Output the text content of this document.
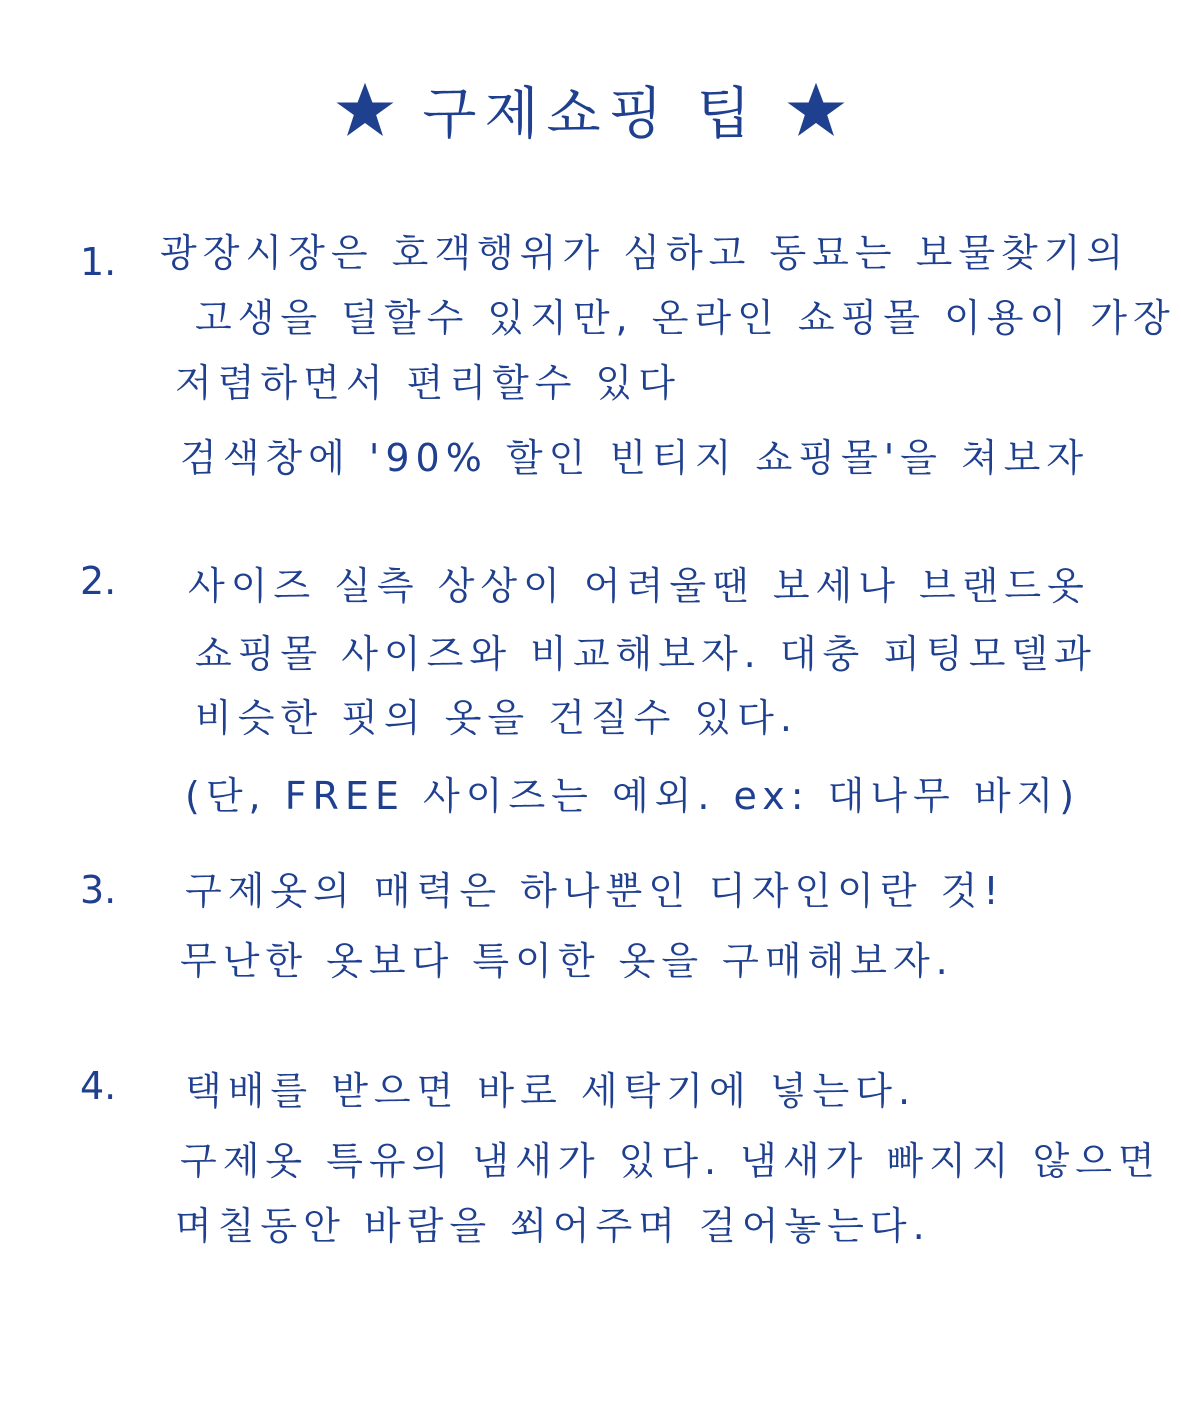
구제쇼핑 팁
1. 광장시장은 호객행위가 심하고 동묘는 보물찾기의
고생을 덜할수 있지만, 온라인 쇼핑몰 이용이 가장
저렴하면서 편리할수 있다
검색창에 '90% 할인 빈티지 쇼핑몰'을 쳐보자
2. 사이즈 실측 상상이 어려울땐 보세나 브랜드옷
쇼핑몰 사이즈와 비교해보자. 대충 피팅모델과
비슷한 핏의 옷을 건질수 있다.
(단, FREE 사이즈는 예외. ex: 대나무 바지)
3. 구제옷의 매력은 하나뿐인 디자인이란 것!
무난한 옷보다 특이한 옷을 구매해보자.
4. 택배를 받으면 바로 세탁기에 넣는다.
구제옷 특유의 냄새가 있다. 냄새가 빠지지 않으면
며칠동안 바람을 쐬어주며 걸어놓는다.
